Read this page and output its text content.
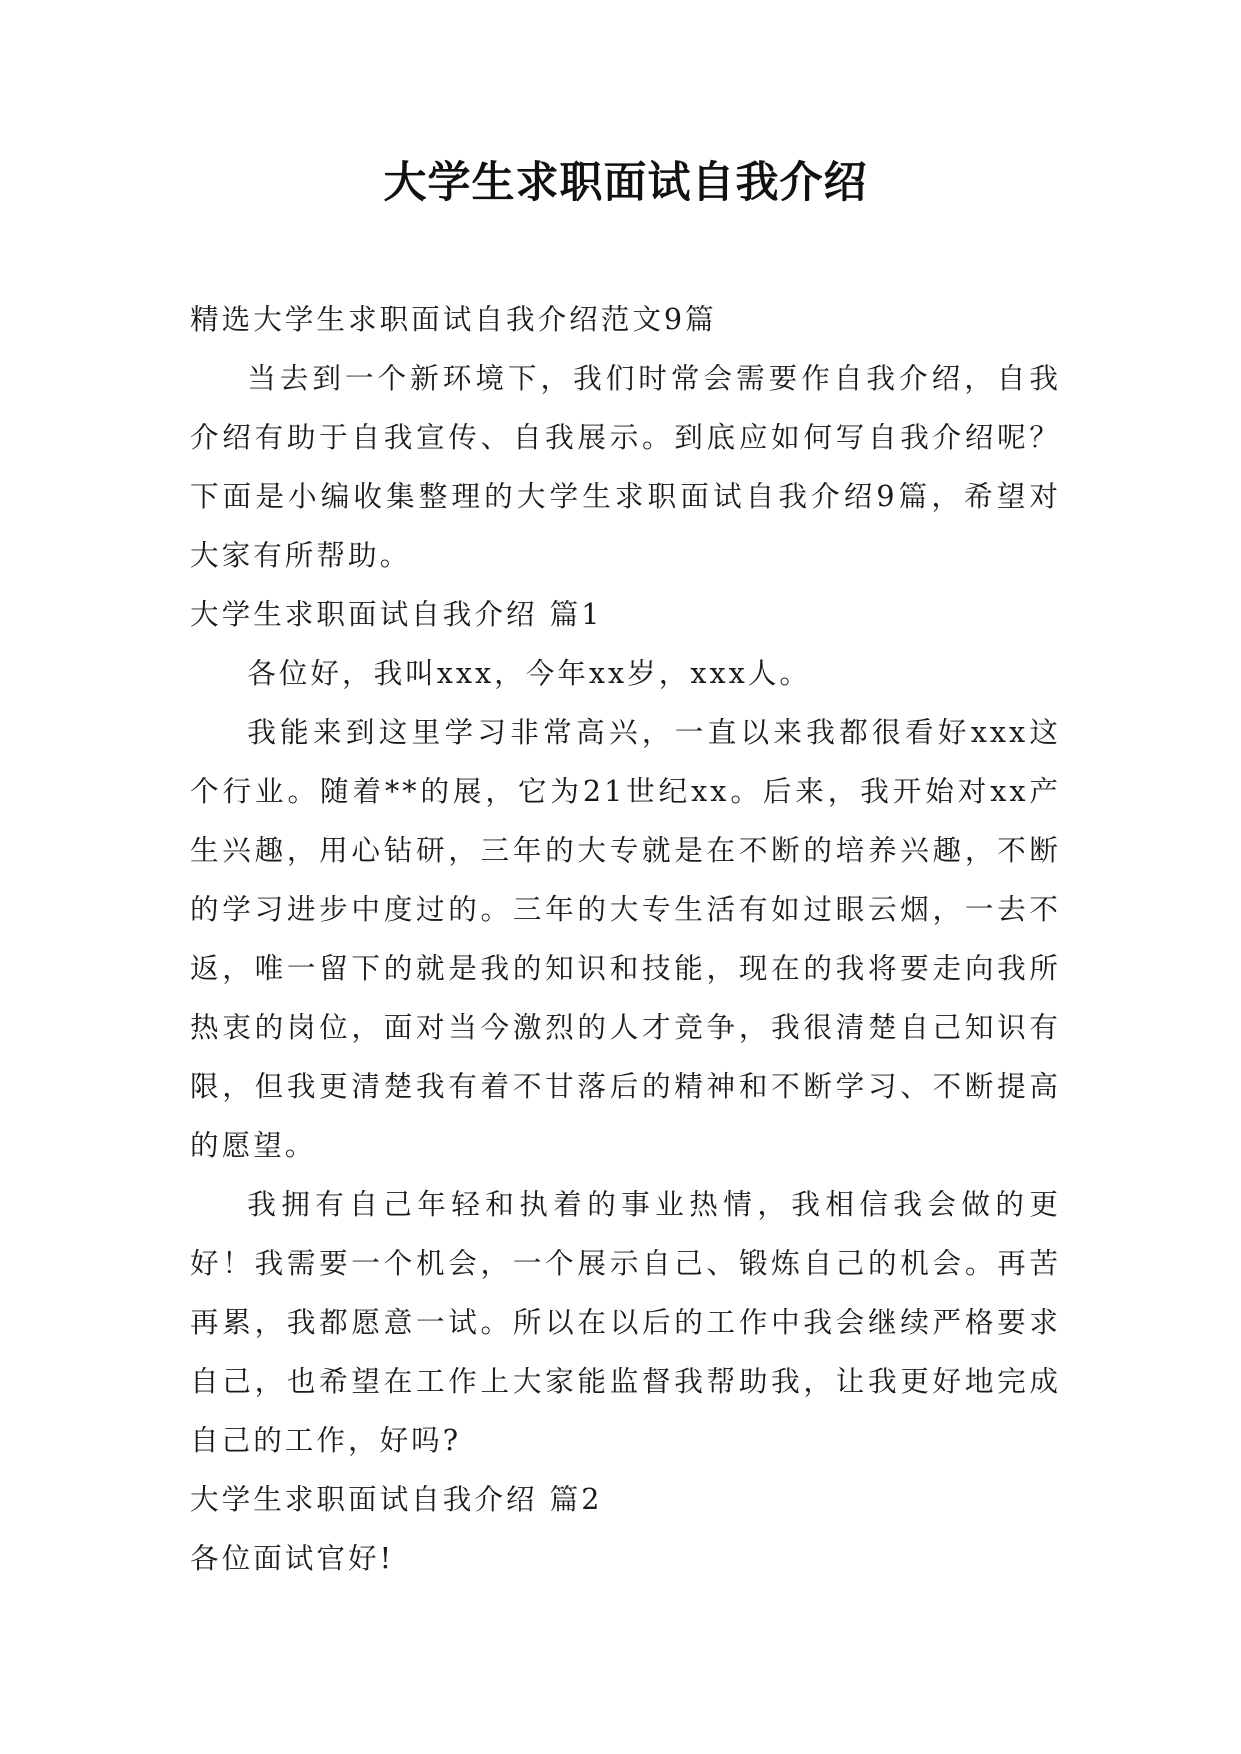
大学生求职面试自我介绍

精选大学生求职面试自我介绍范文9篇

当去到一个新环境下，我们时常会需要作自我介绍，自我介绍有助于自我宣传、自我展示。到底应如何写自我介绍呢？下面是小编收集整理的大学生求职面试自我介绍9篇，希望对大家有所帮助。

大学生求职面试自我介绍 篇1

各位好，我叫xxx，今年xx岁，xxx人。

我能来到这里学习非常高兴，一直以来我都很看好xxx这个行业。随着**的展，它为21世纪xx。后来，我开始对xx产生兴趣，用心钻研，三年的大专就是在不断的培养兴趣，不断的学习进步中度过的。三年的大专生活有如过眼云烟，一去不返，唯一留下的就是我的知识和技能，现在的我将要走向我所热衷的岗位，面对当今激烈的人才竞争，我很清楚自己知识有限，但我更清楚我有着不甘落后的精神和不断学习、不断提高的愿望。

我拥有自己年轻和执着的事业热情，我相信我会做的更好！我需要一个机会，一个展示自己、锻炼自己的机会。再苦再累，我都愿意一试。所以在以后的工作中我会继续严格要求自己，也希望在工作上大家能监督我帮助我，让我更好地完成自己的工作，好吗?

大学生求职面试自我介绍 篇2

各位面试官好!
